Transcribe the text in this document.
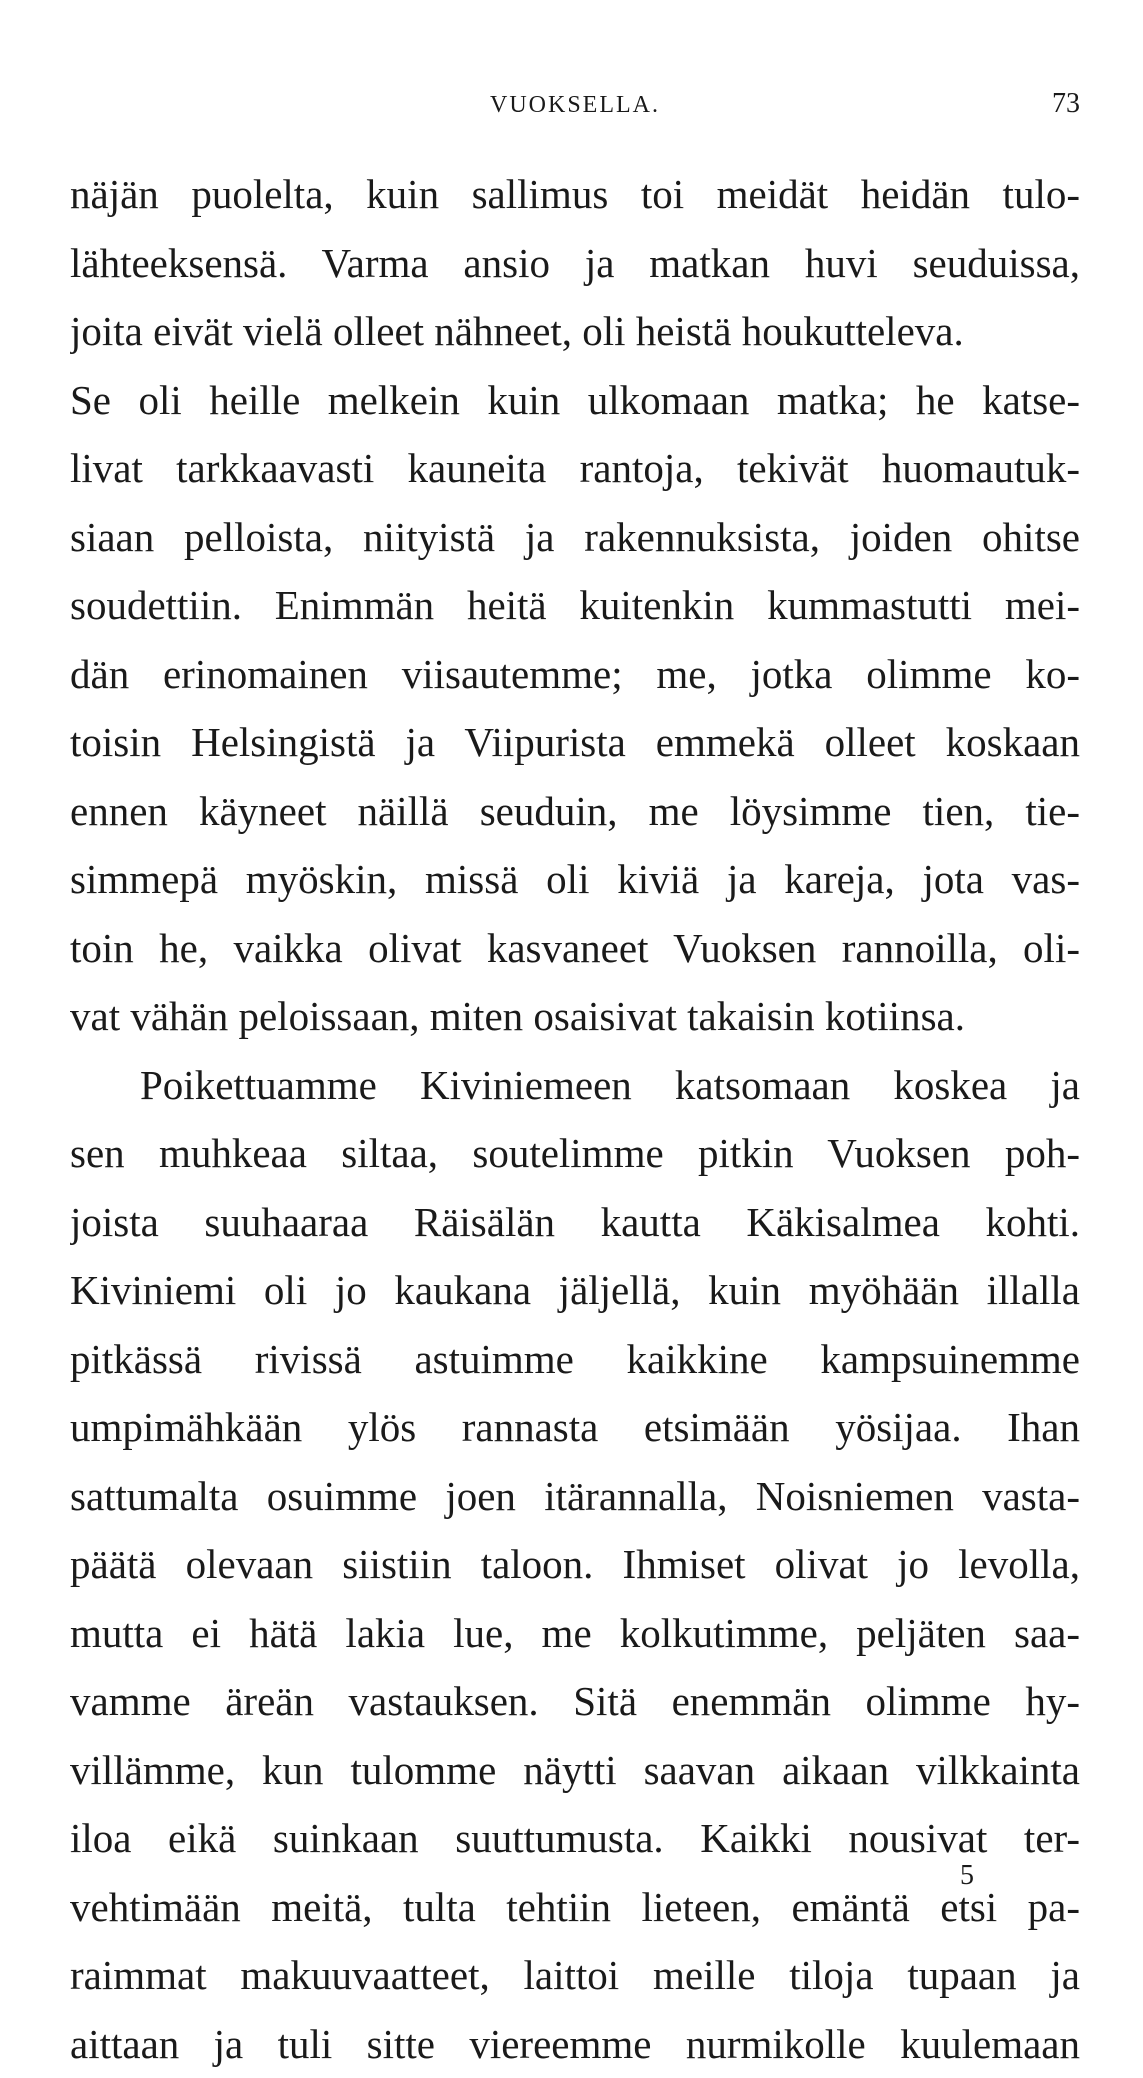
VUOKSELLA.	73
näjän puolelta, kuin sallimus toi meidät heidän tulo-
lähteeksensä. Varma ansio ja matkan huvi seuduissa,
joita eivät vielä olleet nähneet, oli heistä houkutteleva.
Se oli heille melkein kuin ulkomaan matka; he katse-
livat tarkkaavasti kauneita rantoja, tekivät huomautuk-
siaan pelloista, niityistä ja rakennuksista, joiden ohitse
soudettiin. Enimmän heitä kuitenkin kummastutti mei-
dän erinomainen viisautemme; me, jotka olimme ko-
toisin Helsingistä ja Viipurista emmekä olleet koskaan
ennen käyneet näillä seuduin, me löysimme tien, tie-
simmepä myöskin, missä oli kiviä ja kareja, jota vas-
toin he, vaikka olivat kasvaneet Vuoksen rannoilla, oli-
vat vähän peloissaan, miten osaisivat takaisin kotiinsa.
Poikettuamme Kiviniemeen katsomaan koskea ja
sen muhkeaa siltaa, soutelimme pitkin Vuoksen poh-
joista suuhaaraa Räisälän kautta Käkisalmea kohti.
Kiviniemi oli jo kaukana jäljellä, kuin myöhään illalla
pitkässä rivissä astuimme kaikkine kampsuinemme
umpimähkään ylös rannasta etsimään yösijaa. Ihan
sattumalta osuimme joen itärannalla, Noisniemen vasta-
päätä olevaan siistiin taloon. Ihmiset olivat jo levolla,
mutta ei hätä lakia lue, me kolkutimme, peljäten saa-
vamme äreän vastauksen. Sitä enemmän olimme hy-
villämme, kun tulomme näytti saavan aikaan vilkkainta
iloa eikä suinkaan suuttumusta. Kaikki nousivat ter-
vehtimään meitä, tulta tehtiin lieteen, emäntä etsi pa-
raimmat makuuvaatteet, laittoi meille tiloja tupaan ja
aittaan ja tuli sitte viereemme nurmikolle kuulemaan
5
